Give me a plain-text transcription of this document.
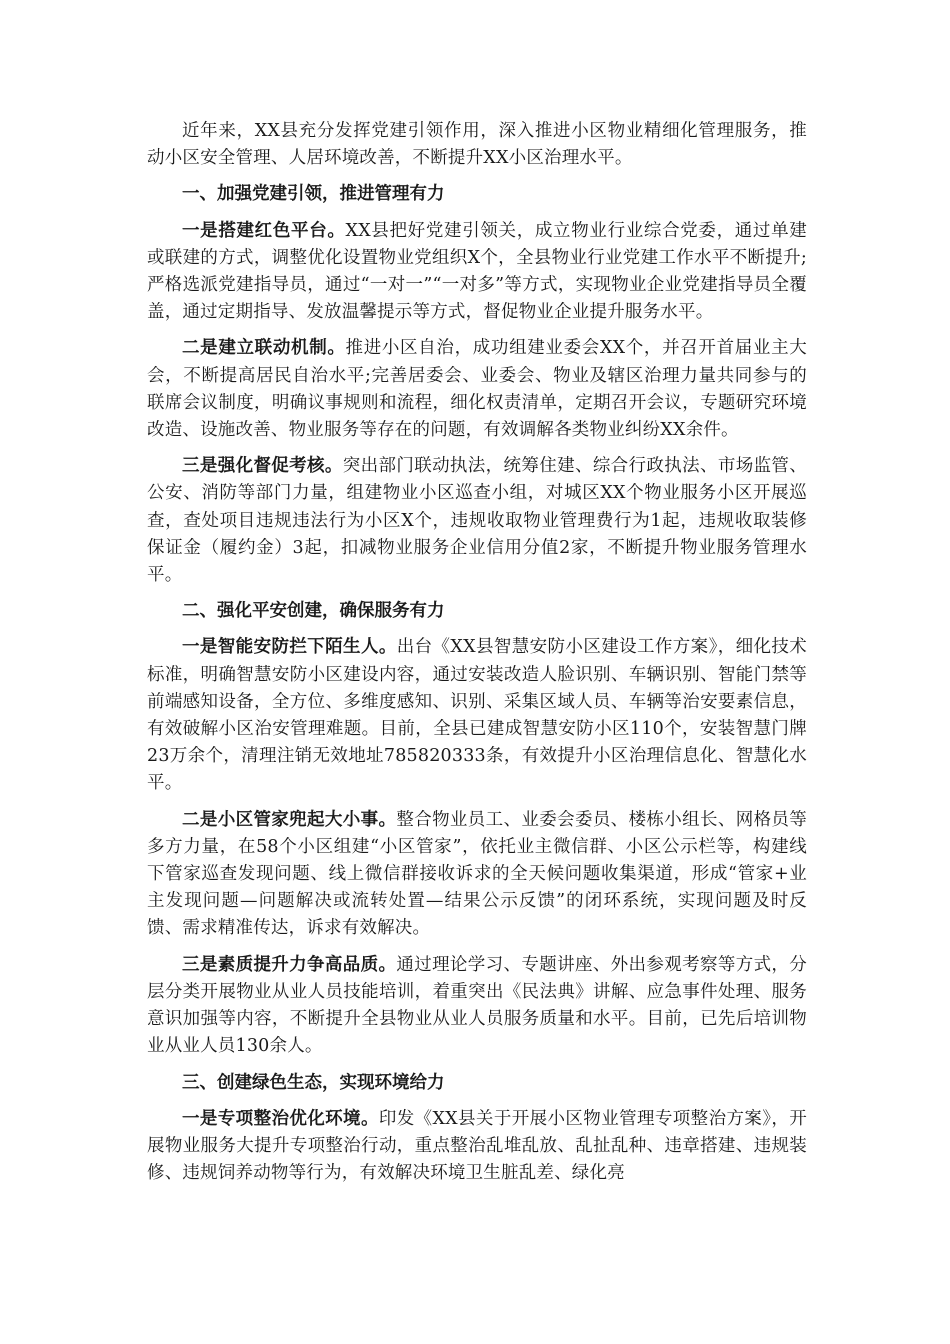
近年来，XX县充分发挥党建引领作用，深入推进小区物业精细化管理服务，推动小区安全管理、人居环境改善，不断提升XX小区治理水平。

一、加强党建引领，推进管理有力

一是搭建红色平台。XX县把好党建引领关，成立物业行业综合党委，通过单建或联建的方式，调整优化设置物业党组织X个，全县物业行业党建工作水平不断提升;严格选派党建指导员，通过“一对一”“一对多”等方式，实现物业企业党建指导员全覆盖，通过定期指导、发放温馨提示等方式，督促物业企业提升服务水平。

二是建立联动机制。推进小区自治，成功组建业委会XX个，并召开首届业主大会，不断提高居民自治水平;完善居委会、业委会、物业及辖区治理力量共同参与的联席会议制度，明确议事规则和流程，细化权责清单，定期召开会议，专题研究环境改造、设施改善、物业服务等存在的问题，有效调解各类物业纠纷XX余件。

三是强化督促考核。突出部门联动执法，统筹住建、综合行政执法、市场监管、公安、消防等部门力量，组建物业小区巡查小组，对城区XX个物业服务小区开展巡查，查处项目违规违法行为小区X个，违规收取物业管理费行为1起，违规收取装修保证金（履约金）3起，扣减物业服务企业信用分值2家，不断提升物业服务管理水平。

二、强化平安创建，确保服务有力

一是智能安防拦下陌生人。出台《XX县智慧安防小区建设工作方案》，细化技术标准，明确智慧安防小区建设内容，通过安装改造人脸识别、车辆识别、智能门禁等前端感知设备，全方位、多维度感知、识别、采集区域人员、车辆等治安要素信息，有效破解小区治安管理难题。目前，全县已建成智慧安防小区110个，安装智慧门牌23万余个，清理注销无效地址785820333条，有效提升小区治理信息化、智慧化水平。

二是小区管家兜起大小事。整合物业员工、业委会委员、楼栋小组长、网格员等多方力量，在58个小区组建“小区管家”，依托业主微信群、小区公示栏等，构建线下管家巡查发现问题、线上微信群接收诉求的全天候问题收集渠道，形成“管家+业主发现问题—问题解决或流转处置—结果公示反馈”的闭环系统，实现问题及时反馈、需求精准传达，诉求有效解决。

三是素质提升力争高品质。通过理论学习、专题讲座、外出参观考察等方式，分层分类开展物业从业人员技能培训，着重突出《民法典》讲解、应急事件处理、服务意识加强等内容，不断提升全县物业从业人员服务质量和水平。目前，已先后培训物业从业人员130余人。

三、创建绿色生态，实现环境给力

一是专项整治优化环境。印发《XX县关于开展小区物业管理专项整治方案》，开展物业服务大提升专项整治行动，重点整治乱堆乱放、乱扯乱种、违章搭建、违规装修、违规饲养动物等行为，有效解决环境卫生脏乱差、绿化亮
